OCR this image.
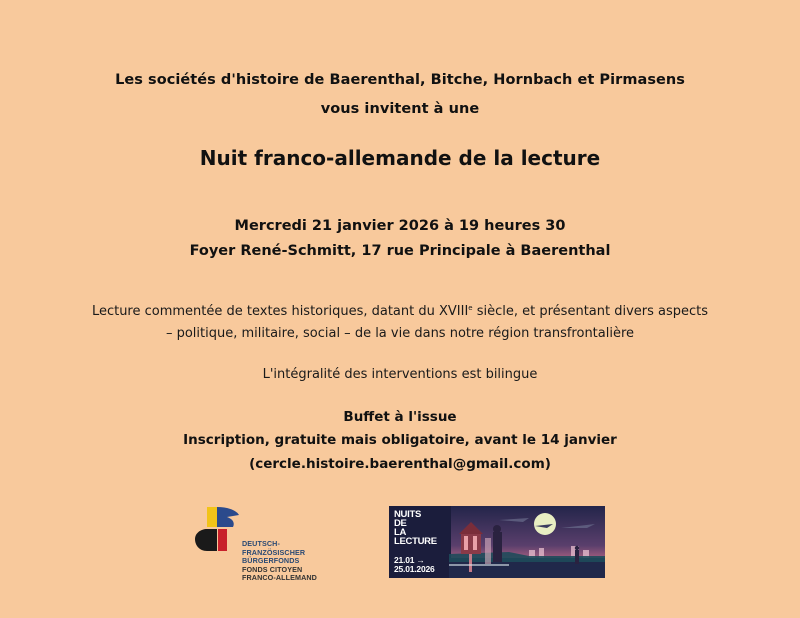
Les sociétés d'histoire de Baerenthal, Bitche, Hornbach et Pirmasens
vous invitent à une
Nuit franco-allemande de la lecture
Mercredi 21 janvier 2026 à 19 heures 30
Foyer René-Schmitt, 17 rue Principale à Baerenthal
Lecture commentée de textes historiques, datant du XVIIIe siècle, et présentant divers aspects
– politique, militaire, social – de la vie dans notre région transfrontalière
L'intégralité des interventions est bilingue
Buffet à l'issue
Inscription, gratuite mais obligatoire, avant le 14 janvier
(cercle.histoire.baerenthal@gmail.com)
DEUTSCH-
FRANZÖSISCHER
BÜRGERFONDS
FONDS CITOYEN
FRANCO-ALLEMAND
NUITS
DE
LA
LECTURE
21.01 →
25.01.2026
